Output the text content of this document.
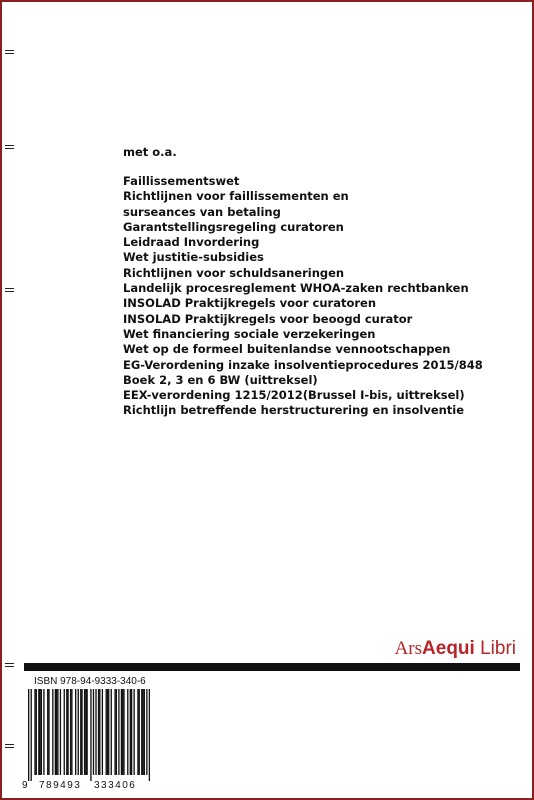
met o.a.

Faillissementswet
Richtlijnen voor faillissementen en
surseances van betaling
Garantstellingsregeling curatoren
Leidraad Invordering
Wet justitie-subsidies
Richtlijnen voor schuldsaneringen
Landelijk procesreglement WHOA-zaken rechtbanken
INSOLAD Praktijkregels voor curatoren
INSOLAD Praktijkregels voor beoogd curator
Wet financiering sociale verzekeringen
Wet op de formeel buitenlandse vennootschappen
EG-Verordening inzake insolventieprocedures 2015/848
Boek 2, 3 en 6 BW (uittreksel)
EEX-verordening 1215/2012(Brussel I-bis, uittreksel)
Richtlijn betreffende herstructurering en insolventie
ArsAequi Libri
ISBN 978-94-9333-340-6
9 789493 333406
